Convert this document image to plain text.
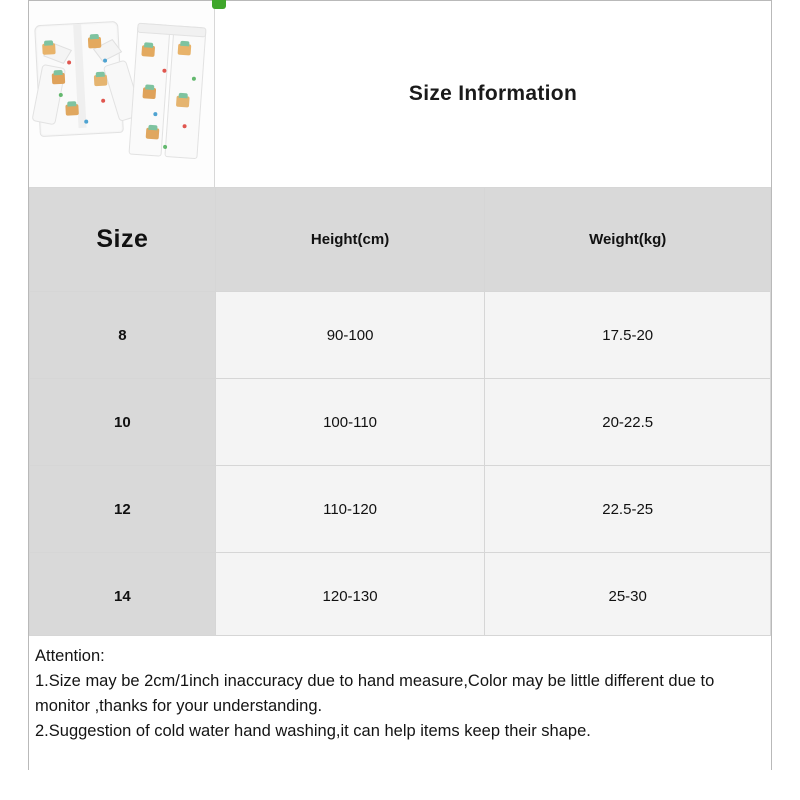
Size Information
Size	Height(cm)	Weight(kg)
8	90-100	17.5-20
10	100-110	20-22.5
12	110-120	22.5-25
14	120-130	25-30
Attention:
1.Size may be 2cm/1inch inaccuracy due to hand measure,Color may be little different due to monitor ,thanks for your understanding.
2.Suggestion of cold water hand washing,it can help items keep their shape.
